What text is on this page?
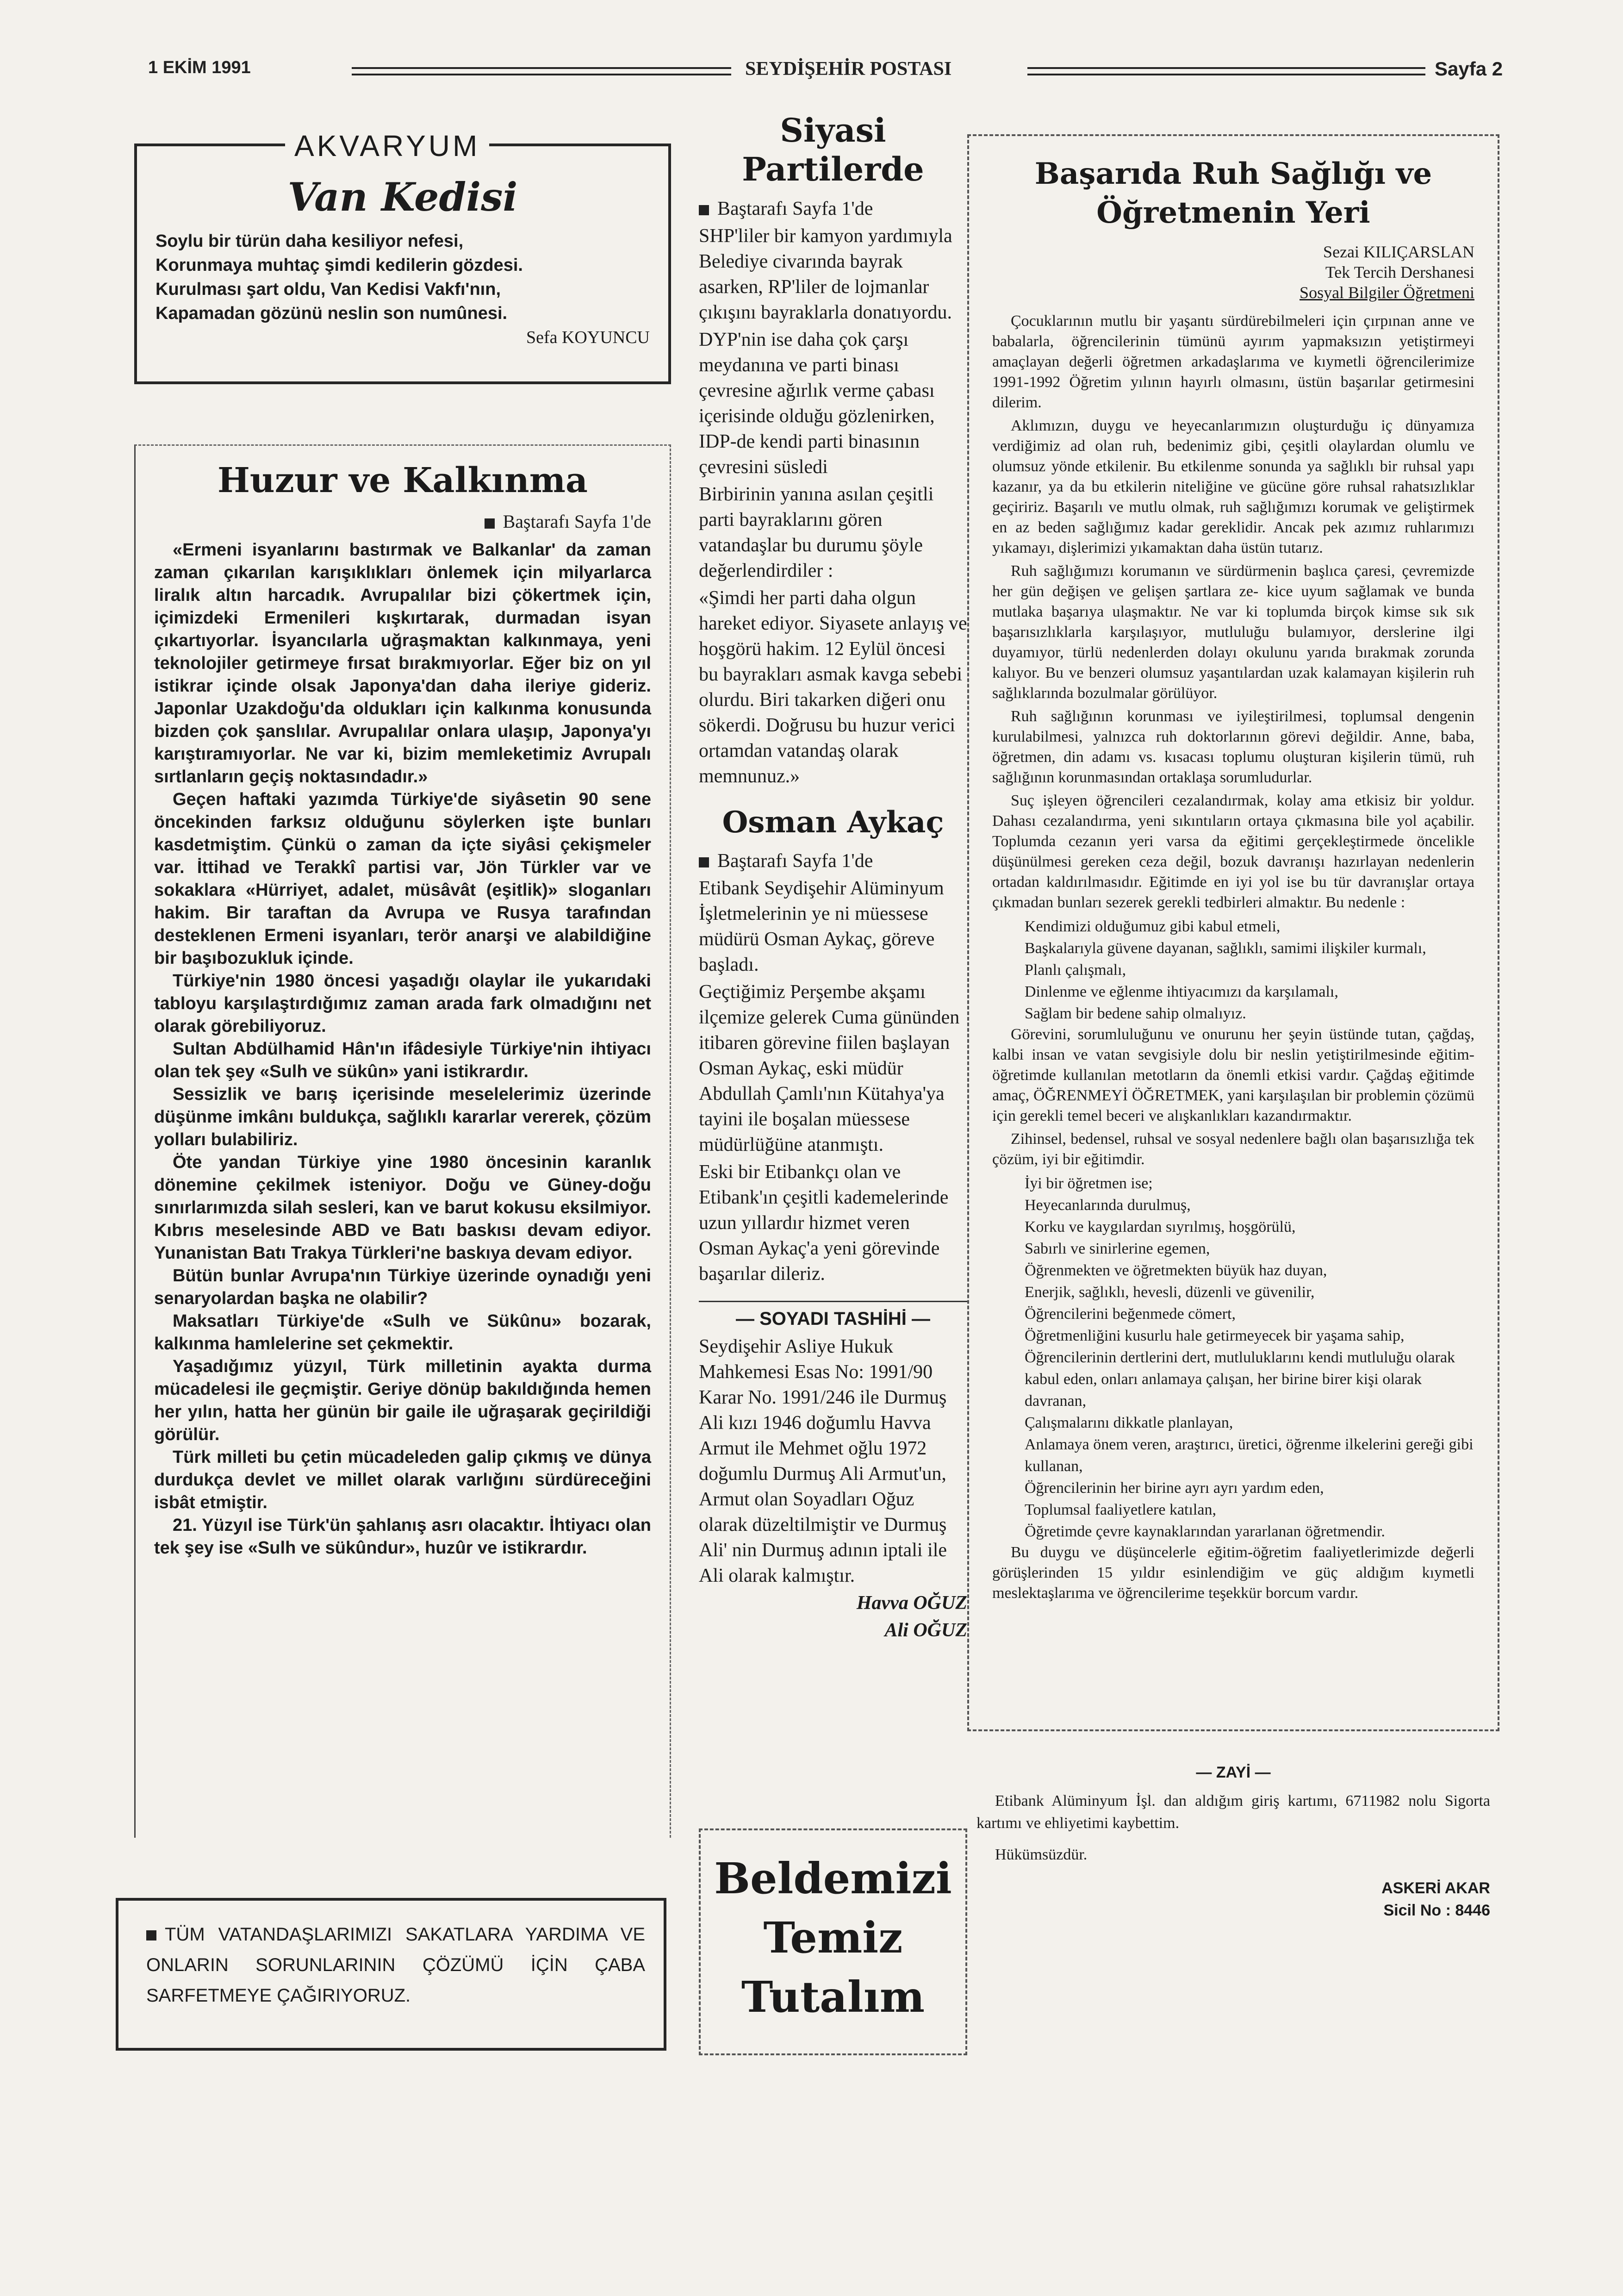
1 EKİM 1991	SEYDİŞEHİR POSTASI	Sayfa 2
AKVARYUM
Van Kedisi
Soylu bir türün daha kesiliyor nefesi,
Korunmaya muhtaç şimdi kedilerin gözdesi.
Kurulması şart oldu, Van Kedisi Vakfı'nın,
Kapamadan gözünü neslin son numûnesi.
Sefa KOYUNCU
Huzur ve Kalkınma
Baştarafı Sayfa 1'de

«Ermeni isyanlarını bastırmak ve Balkanlar' da zaman zaman çıkarılan karışıklıkları önlemek için milyarlarca liralık altın harcadık. Avrupalılar bizi çökertmek için, içimizdeki Ermenileri kışkırtarak, durmadan isyan çıkartıyorlar. İsyancılarla uğraşmaktan kalkınmaya, yeni teknolojiler getirmeye fırsat bırakmıyorlar. Eğer biz on yıl istikrar içinde olsak Japonya'dan daha ileriye gideriz. Japonlar Uzakdoğu'da oldukları için kalkınma konusunda bizden çok şanslılar. Avrupalılar onlara ulaşıp, Japonya'yı karıştıramıyorlar. Ne var ki, bizim memleketimiz Avrupalı sırtlanların geçiş noktasındadır.»

Geçen haftaki yazımda Türkiye'de siyâsetin 90 sene öncekinden farksız olduğunu söylerken işte bunları kasdetmiştim. Çünkü o zaman da içte siyâsi çekişmeler var. İttihad ve Terakkî partisi var, Jön Türkler var ve sokaklara «Hürriyet, adalet, müsâvât (eşitlik)» sloganları hakim. Bir taraftan da Avrupa ve Rusya tarafından desteklenen Ermeni isyanları, terör anarşi ve alabildiğine bir başıbozukluk içinde.

Türkiye'nin 1980 öncesi yaşadığı olaylar ile yukarıdaki tabloyu karşılaştırdığımız zaman arada fark olmadığını net olarak görebiliyoruz.

Sultan Abdülhamid Hân'ın ifâdesiyle Türkiye'nin ihtiyacı olan tek şey «Sulh ve sükûn» yani istikrardır.

Sessizlik ve barış içerisinde meselelerimiz üzerinde düşünme imkânı buldukça, sağlıklı kararlar vererek, çözüm yolları bulabiliriz.

Öte yandan Türkiye yine 1980 öncesinin karanlık dönemine çekilmek isteniyor. Doğu ve Güney-doğu sınırlarımızda silah sesleri, kan ve barut kokusu eksilmiyor. Kıbrıs meselesinde ABD ve Batı baskısı devam ediyor. Yunanistan Batı Trakya Türkleri'ne baskıya devam ediyor.

Bütün bunlar Avrupa'nın Türkiye üzerinde oynadığı yeni senaryolardan başka ne olabilir?

Maksatları Türkiye'de «Sulh ve Sükûnu» bozarak, kalkınma hamlelerine set çekmektir.

Yaşadığımız yüzyıl, Türk milletinin ayakta durma mücadelesi ile geçmiştir. Geriye dönüp bakıldığında hemen her yılın, hatta her günün bir gaile ile uğraşarak geçirildiği görülür.

Türk milleti bu çetin mücadeleden galip çıkmış ve dünya durdukça devlet ve millet olarak varlığını sürdüreceğini isbât etmiştir.

21. Yüzyıl ise Türk'ün şahlanış asrı olacaktır. İhtiyacı olan tek şey ise «Sulh ve sükûndur», huzûr ve istikrardır.

TÜM VATANDAŞLARIMIZI SAKATLARA YARDIMA VE ONLARIN SORUNLARININ ÇÖZÜMÜ İÇİN ÇABA SARFETMEYE ÇAĞIRIYORUZ.
Siyasi Partilerde

Baştarafı Sayfa 1'de

SHP'liler bir kamyon yardımıyla Belediye civarında bayrak asarken, RP'liler de lojmanlar çıkışını bayraklarla donatıyordu.

DYP'nin ise daha çok çarşı meydanına ve parti binası çevresine ağırlık verme çabası içerisinde olduğu gözlenirken, IDP-de kendi parti binasının çevresini süsledi

Birbirinin yanına asılan çeşitli parti bayraklarını gören vatandaşlar bu durumu şöyle değerlendirdiler :

«Şimdi her parti daha olgun hareket ediyor. Siyasete anlayış ve hoşgörü hakim. 12 Eylül öncesi bu bayrakları asmak kavga sebebi olurdu. Biri takarken diğeri onu sökerdi. Doğrusu bu huzur verici ortamdan vatandaş olarak memnunuz.»

Osman Aykaç

Baştarafı Sayfa 1'de

Etibank Seydişehir Alüminyum İşletmelerinin ye ni müessese müdürü Osman Aykaç, göreve başladı.

Geçtiğimiz Perşembe akşamı ilçemize gelerek Cuma gününden itibaren görevine fiilen başlayan Osman Aykaç, eski müdür Abdullah Çamlı'nın Kütahya'ya tayini ile boşalan müessese müdürlüğüne atanmıştı.

Eski bir Etibankçı olan ve Etibank'ın çeşitli kademelerinde uzun yıllardır hizmet veren Osman Aykaç'a yeni görevinde başarılar dileriz.

— SOYADI TASHİHİ —

Seydişehir Asliye Hukuk Mahkemesi Esas No: 1991/90 Karar No. 1991/246 ile Durmuş Ali kızı 1946 doğumlu Havva Armut ile Mehmet oğlu 1972 doğumlu Durmuş Ali Armut'un, Armut olan Soyadları Oğuz olarak düzeltilmiştir ve Durmuş Ali' nin Durmuş adının iptali ile Ali olarak kalmıştır.

Havva OĞUZ

Ali OĞUZ

Beldemizi
Temiz
Tutalım
Başarıda Ruh Sağlığı ve Öğretmenin Yeri
Sezai KILIÇARSLAN
Tek Tercih Dershanesi
Sosyal Bilgiler Öğretmeni

Çocuklarının mutlu bir yaşantı sürdürebilmeleri için çırpınan anne ve babalarla, öğrencilerinin tümünü ayırım yapmaksızın yetiştirmeyi amaçlayan değerli öğretmen arkadaşlarıma ve kıymetli öğrencilerimize 1991-1992 Öğretim yılının hayırlı olmasını, üstün başarılar getirmesini dilerim.

Aklımızın, duygu ve heyecanlarımızın oluşturduğu iç dünyamıza verdiğimiz ad olan ruh, bedenimiz gibi, çeşitli olaylardan olumlu ve olumsuz yönde etkilenir. Bu etkilenme sonunda ya sağlıklı bir ruhsal yapı kazanır, ya da bu etkilerin niteliğine ve gücüne göre ruhsal rahatsızlıklar geçiririz. Başarılı ve mutlu olmak, ruh sağlığımızı korumak ve geliştirmek en az beden sağlığımız kadar gereklidir. Ancak pek azımız ruhlarımızı yıkamayı, dişlerimizi yıkamaktan daha üstün tutarız.

Ruh sağlığımızı korumanın ve sürdürmenin başlıca çaresi, çevremizde her gün değişen ve gelişen şartlara ze- kice uyum sağlamak ve bunda mutlaka başarıya ulaşmaktır. Ne var ki toplumda birçok kimse sık sık başarısızlıklarla karşılaşıyor, mutluluğu bulamıyor, derslerine ilgi duyamıyor, türlü nedenlerden dolayı okulunu yarıda bırakmak zorunda kalıyor. Bu ve benzeri olumsuz yaşantılardan uzak kalamayan kişilerin ruh sağlıklarında bozulmalar görülüyor.

Ruh sağlığının korunması ve iyileştirilmesi, toplumsal dengenin kurulabilmesi, yalnızca ruh doktorlarının görevi değildir. Anne, baba, öğretmen, din adamı vs. kısacası toplumu oluşturan kişilerin tümü, ruh sağlığının korunmasından ortaklaşa sorumludurlar.

Suç işleyen öğrencileri cezalandırmak, kolay ama etkisiz bir yoldur. Dahası cezalandırma, yeni sıkıntıların ortaya çıkmasına bile yol açabilir. Toplumda cezanın yeri varsa da eğitimi gerçekleştirmede öncelikle düşünülmesi gereken ceza değil, bozuk davranışı hazırlayan nedenlerin ortadan kaldırılmasıdır. Eğitimde en iyi yol ise bu tür davranışlar ortaya çıkmadan bunları sezerek gerekli tedbirleri almaktır. Bu nedenle :

Kendimizi olduğumuz gibi kabul etmeli,

Başkalarıyla güvene dayanan, sağlıklı, samimi ilişkiler kurmalı,

Planlı çalışmalı,

Dinlenme ve eğlenme ihtiyacımızı da karşılamalı,

Sağlam bir bedene sahip olmalıyız.

Görevini, sorumluluğunu ve onurunu her şeyin üstünde tutan, çağdaş, kalbi insan ve vatan sevgisiyle dolu bir neslin yetiştirilmesinde eğitim-öğretimde kullanılan metotların da önemli etkisi vardır. Çağdaş eğitimde amaç, ÖĞRENMEYİ ÖĞRETMEK, yani karşılaşılan bir problemin çözümü için gerekli temel beceri ve alışkanlıkları kazandırmaktır.

Zihinsel, bedensel, ruhsal ve sosyal nedenlere bağlı olan başarısızlığa tek çözüm, iyi bir eğitimdir.

İyi bir öğretmen ise;

Heyecanlarında durulmuş,

Korku ve kaygılardan sıyrılmış, hoşgörülü,

Sabırlı ve sinirlerine egemen,

Öğrenmekten ve öğretmekten büyük haz duyan,

Enerjik, sağlıklı, hevesli, düzenli ve güvenilir,

Öğrencilerini beğenmede cömert,

Öğretmenliğini kusurlu hale getirmeyecek bir yaşama sahip,

Öğrencilerinin dertlerini dert, mutluluklarını kendi mutluluğu olarak kabul eden, onları anlamaya çalışan, her birine birer kişi olarak davranan,

Çalışmalarını dikkatle planlayan,

Anlamaya önem veren, araştırıcı, üretici, öğrenme ilkelerini gereği gibi kullanan,

Öğrencilerinin her birine ayrı ayrı yardım eden,

Toplumsal faaliyetlere katılan,

Öğretimde çevre kaynaklarından yararlanan öğretmendir.

Bu duygu ve düşüncelerle eğitim-öğretim faaliyetlerimizde değerli görüşlerinden 15 yıldır esinlendiğim ve güç aldığım kıymetli meslektaşlarıma ve öğrencilerime teşekkür borcum vardır.

— ZAYİ —

Etibank Alüminyum İşl. dan aldığım giriş kartımı, 6711982 nolu Sigorta kartımı ve ehliyetimi kaybettim.

Hükümsüzdür.

ASKERİ AKAR
Sicil No : 8446
